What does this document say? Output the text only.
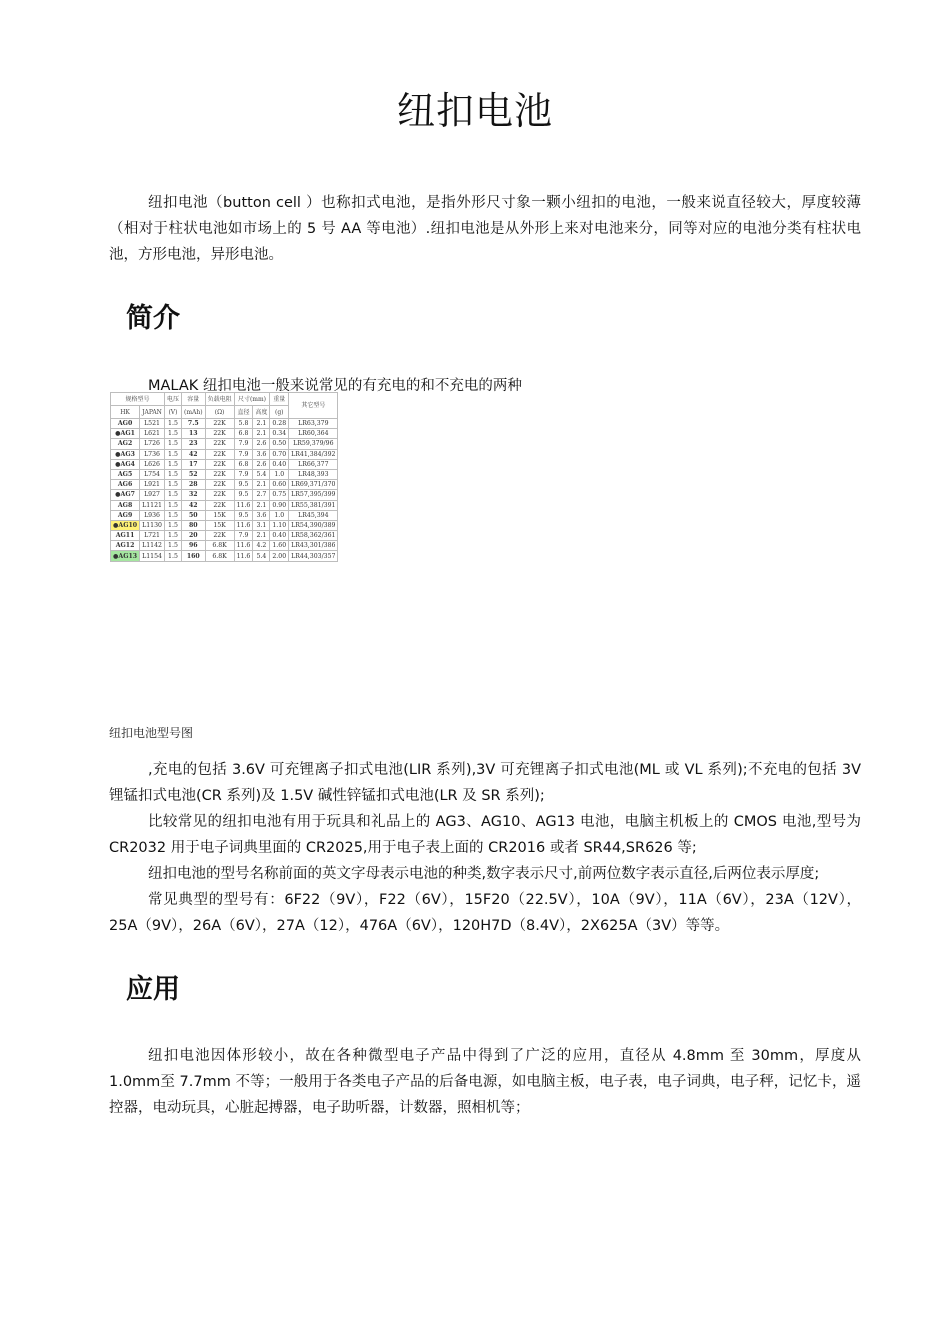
纽扣电池

纽扣电池（button cell ）也称扣式电池，是指外形尺寸象一颗小纽扣的电池，一般来说直径较大，厚度较薄（相对于柱状电池如市场上的 5 号 AA 等电池）.纽扣电池是从外形上来对电池来分，同等对应的电池分类有柱状电池，方形电池，异形电池。

简介
MALAK 纽扣电池一般来说常见的有充电的和不充电的两种
规格型号		电压	容量	负载电阻	尺寸(mm)		重量	其它型号
HK	JAPAN	(V)	(mAh)	(Ω)	直径	高度	(g)	
AG0	L521	1.5	7.5	22K	5.8	2.1	0.28	LR63,379
●AG1	L621	1.5	13	22K	6.8	2.1	0.34	LR60,364
AG2	L726	1.5	23	22K	7.9	2.6	0.50	LR59,379/96
●AG3	L736	1.5	42	22K	7.9	3.6	0.70	LR41,384/392
●AG4	L626	1.5	17	22K	6.8	2.6	0.40	LR66,377
AG5	L754	1.5	52	22K	7.9	5.4	1.0	LR48,393
AG6	L921	1.5	28	22K	9.5	2.1	0.60	LR69,371/370
●AG7	L927	1.5	32	22K	9.5	2.7	0.75	LR57,395/399
AG8	L1121	1.5	42	22K	11.6	2.1	0.90	LR55,381/391
AG9	L936	1.5	50	15K	9.5	3.6	1.0	LR45,394
●AG10	L1130	1.5	80	15K	11.6	3.1	1.10	LR54,390/389
AG11	L721	1.5	20	22K	7.9	2.1	0.40	LR58,362/361
AG12	L1142	1.5	96	6.8K	11.6	4.2	1.60	LR43,301/386
●AG13	L1154	1.5	160	6.8K	11.6	5.4	2.00	LR44,303/357
纽扣电池型号图

,充电的包括 3.6V 可充锂离子扣式电池(LIR 系列),3V 可充锂离子扣式电池(ML 或 VL 系列);不充电的包括 3V锂锰扣式电池(CR 系列)及 1.5V 碱性锌锰扣式电池(LR 及 SR 系列);

比较常见的纽扣电池有用于玩具和礼品上的 AG3、AG10、AG13 电池，电脑主机板上的 CMOS 电池,型号为CR2032 用于电子词典里面的 CR2025,用于电子表上面的 CR2016 或者 SR44,SR626 等;

纽扣电池的型号名称前面的英文字母表示电池的种类,数字表示尺寸,前两位数字表示直径,后两位表示厚度;

常见典型的型号有：6F22（9V），F22（6V），15F20（22.5V），10A（9V），11A（6V），23A（12V），25A（9V），26A（6V），27A（12），476A（6V），120H7D（8.4V），2X625A（3V）等等。

应用

纽扣电池因体形较小，故在各种微型电子产品中得到了广泛的应用，直径从 4.8mm 至 30mm，厚度从 1.0mm至 7.7mm 不等；一般用于各类电子产品的后备电源，如电脑主板，电子表，电子词典，电子秤，记忆卡，遥控器，电动玩具，心脏起搏器，电子助听器，计数器，照相机等；
